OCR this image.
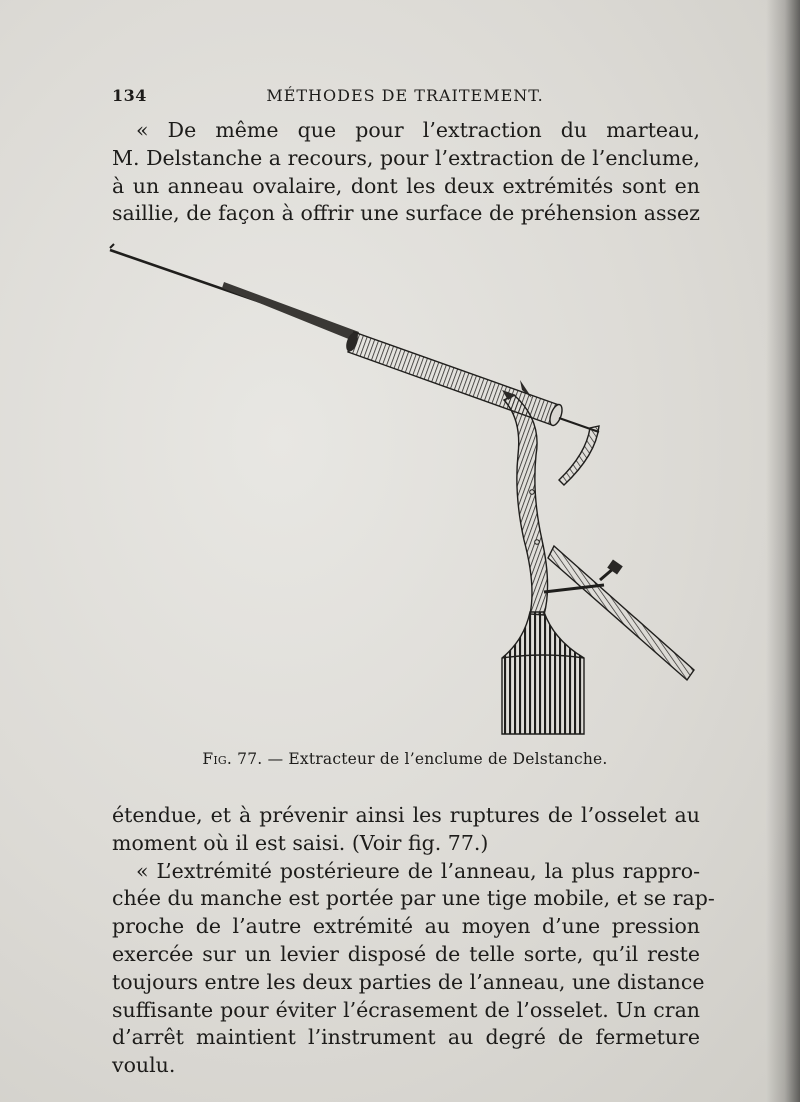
134	MÉTHODES DE TRAITEMENT.
« De même que pour l’extraction du marteau,
M. Delstanche a recours, pour l’extraction de l’enclume,
à un anneau ovalaire, dont les deux extrémités sont en
saillie, de façon à offrir une surface de préhension assez
Fig. 77. — Extracteur de l’enclume de Delstanche.
étendue, et à prévenir ainsi les ruptures de l’osselet au
moment où il est saisi. (Voir fig. 77.)
« L’extrémité postérieure de l’anneau, la plus rappro-
chée du manche est portée par une tige mobile, et se rap-
proche de l’autre extrémité au moyen d’une pression
exercée sur un levier disposé de telle sorte, qu’il reste
toujours entre les deux parties de l’anneau, une distance
suffisante pour éviter l’écrasement de l’osselet. Un cran
d’arrêt maintient l’instrument au degré de fermeture
voulu.
